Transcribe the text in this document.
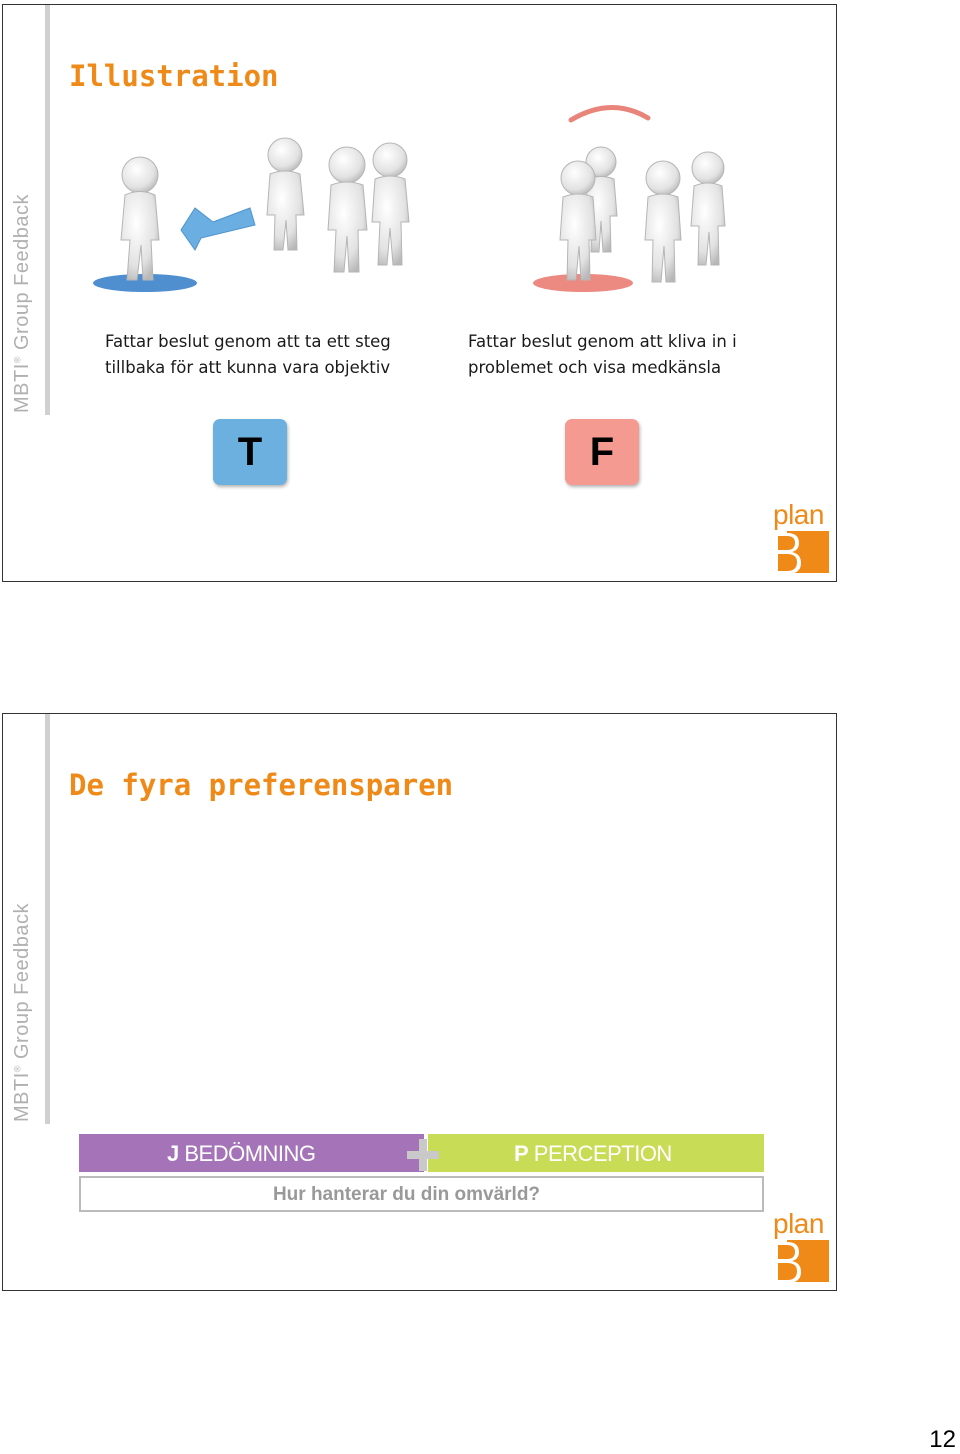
MBTI® Group Feedback
Illustration
Fattar beslut genom att ta ett steg tillbaka för att kunna vara objektiv
Fattar beslut genom att kliva in i problemet och visa medkänsla
T	F
plan
B
MBTI® Group Feedback
De fyra preferensparen
J BEDÖMNING	P PERCEPTION
Hur hanterar du din omvärld?
plan
12
